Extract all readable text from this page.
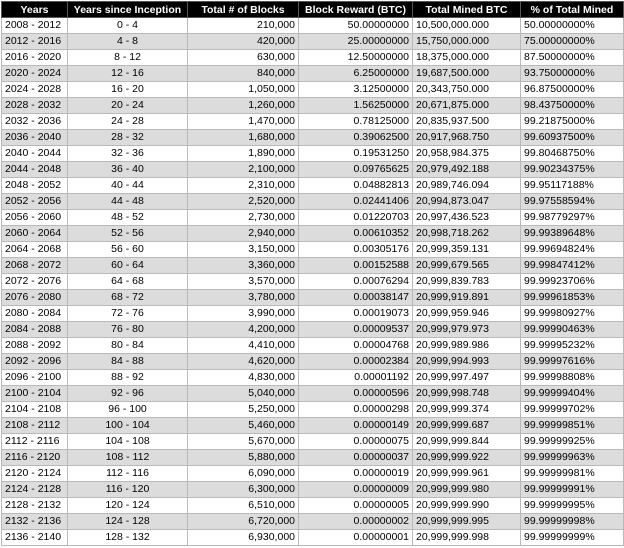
Years	Years since Inception	Total # of Blocks	Block Reward (BTC)	Total Mined BTC	% of Total Mined
2008 - 2012	0 - 4	210,000	50.00000000	10,500,000.000	50.00000000%
2012 - 2016	4 - 8	420,000	25.00000000	15,750,000.000	75.00000000%
2016 - 2020	8 - 12	630,000	12.50000000	18,375,000.000	87.50000000%
2020 - 2024	12 - 16	840,000	6.25000000	19,687,500.000	93.75000000%
2024 - 2028	16 - 20	1,050,000	3.12500000	20,343,750.000	96.87500000%
2028 - 2032	20 - 24	1,260,000	1.56250000	20,671,875.000	98.43750000%
2032 - 2036	24 - 28	1,470,000	0.78125000	20,835,937.500	99.21875000%
2036 - 2040	28 - 32	1,680,000	0.39062500	20,917,968.750	99.60937500%
2040 - 2044	32 - 36	1,890,000	0.19531250	20,958,984.375	99.80468750%
2044 - 2048	36 - 40	2,100,000	0.09765625	20,979,492.188	99.90234375%
2048 - 2052	40 - 44	2,310,000	0.04882813	20,989,746.094	99.95117188%
2052 - 2056	44 - 48	2,520,000	0.02441406	20,994,873.047	99.97558594%
2056 - 2060	48 - 52	2,730,000	0.01220703	20,997,436.523	99.98779297%
2060 - 2064	52 - 56	2,940,000	0.00610352	20,998,718.262	99.99389648%
2064 - 2068	56 - 60	3,150,000	0.00305176	20,999,359.131	99.99694824%
2068 - 2072	60 - 64	3,360,000	0.00152588	20,999,679.565	99.99847412%
2072 - 2076	64 - 68	3,570,000	0.00076294	20,999,839.783	99.99923706%
2076 - 2080	68 - 72	3,780,000	0.00038147	20,999,919.891	99.99961853%
2080 - 2084	72 - 76	3,990,000	0.00019073	20,999,959.946	99.99980927%
2084 - 2088	76 - 80	4,200,000	0.00009537	20,999,979.973	99.99990463%
2088 - 2092	80 - 84	4,410,000	0.00004768	20,999,989.986	99.99995232%
2092 - 2096	84 - 88	4,620,000	0.00002384	20,999,994.993	99.99997616%
2096 - 2100	88 - 92	4,830,000	0.00001192	20,999,997.497	99.99998808%
2100 - 2104	92 - 96	5,040,000	0.00000596	20,999,998.748	99.99999404%
2104 - 2108	96 - 100	5,250,000	0.00000298	20,999,999.374	99.99999702%
2108 - 2112	100 - 104	5,460,000	0.00000149	20,999,999.687	99.99999851%
2112 - 2116	104 - 108	5,670,000	0.00000075	20,999,999.844	99.99999925%
2116 - 2120	108 - 112	5,880,000	0.00000037	20,999,999.922	99.99999963%
2120 - 2124	112 - 116	6,090,000	0.00000019	20,999,999.961	99.99999981%
2124 - 2128	116 - 120	6,300,000	0.00000009	20,999,999.980	99.99999991%
2128 - 2132	120 - 124	6,510,000	0.00000005	20,999,999.990	99.99999995%
2132 - 2136	124 - 128	6,720,000	0.00000002	20,999,999.995	99.99999998%
2136 - 2140	128 - 132	6,930,000	0.00000001	20,999,999.998	99.99999999%
